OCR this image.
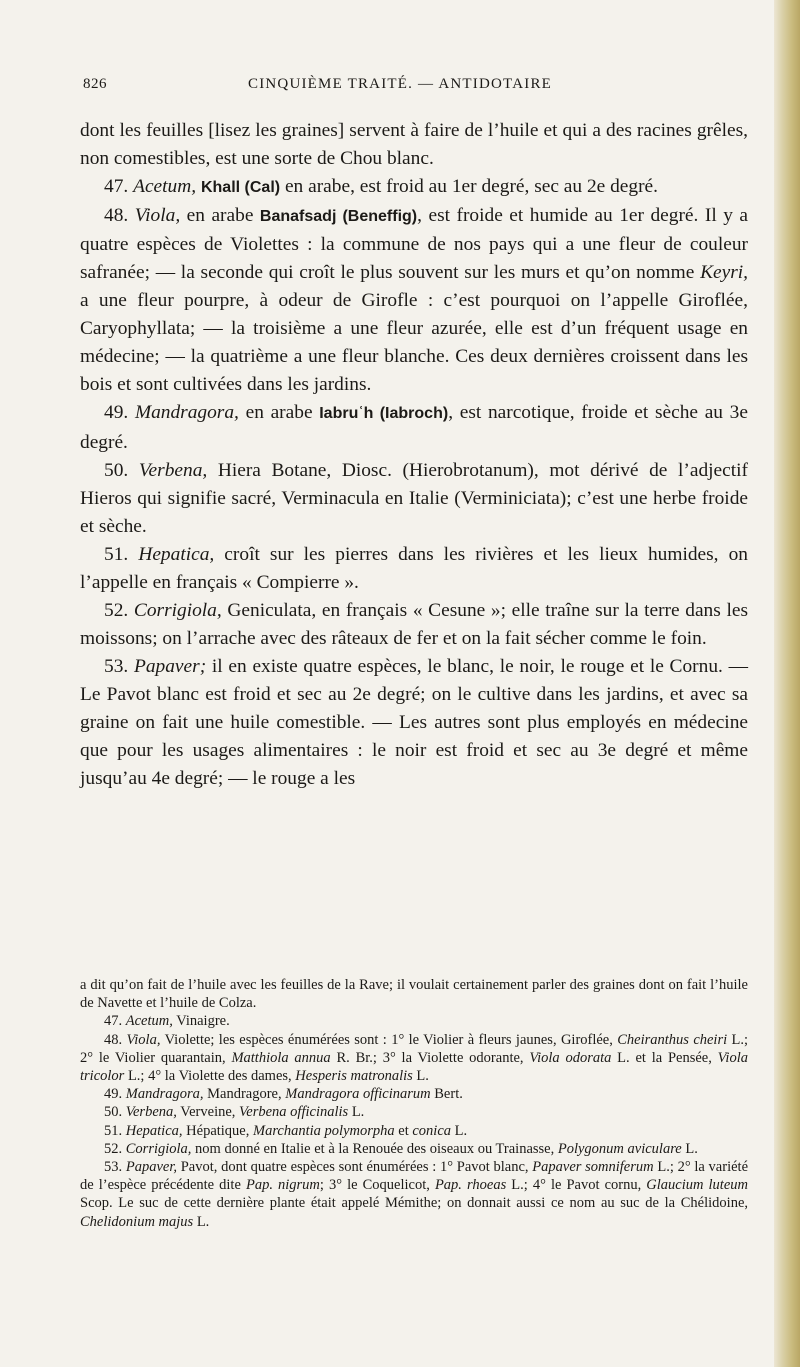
826	CINQUIÈME TRAITÉ. — ANTIDOTAIRE

dont les feuilles [lisez les graines] servent à faire de l’huile et qui a des racines grêles, non comestibles, est une sorte de Chou blanc.

47. Acetum, Khall (Cal) en arabe, est froid au 1er degré, sec au 2e degré.

48. Viola, en arabe Banafsadj (Beneffig), est froide et humide au 1er degré. Il y a quatre espèces de Violettes : la commune de nos pays qui a une fleur de couleur safranée; — la seconde qui croît le plus souvent sur les murs et qu’on nomme Keyri, a une fleur pourpre, à odeur de Girofle : c’est pourquoi on l’appelle Giroflée, Caryophyllata; — la troisième a une fleur azurée, elle est d’un fréquent usage en médecine; — la quatrième a une fleur blanche. Ces deux dernières croissent dans les bois et sont cultivées dans les jardins.

49. Mandragora, en arabe Iabruʿh (Iabroch), est narcotique, froide et sèche au 3e degré.

50. Verbena, Hiera Botane, Diosc. (Hierobrotanum), mot dérivé de l’adjectif Hieros qui signifie sacré, Verminacula en Italie (Verminiciata); c’est une herbe froide et sèche.

51. Hepatica, croît sur les pierres dans les rivières et les lieux humides, on l’appelle en français « Compierre ».

52. Corrigiola, Geniculata, en français « Cesune »; elle traîne sur la terre dans les moissons; on l’arrache avec des râteaux de fer et on la fait sécher comme le foin.

53. Papaver; il en existe quatre espèces, le blanc, le noir, le rouge et le Cornu. — Le Pavot blanc est froid et sec au 2e degré; on le cultive dans les jardins, et avec sa graine on fait une huile comestible. — Les autres sont plus employés en médecine que pour les usages alimentaires : le noir est froid et sec au 3e degré et même jusqu’au 4e degré; — le rouge a les

a dit qu’on fait de l’huile avec les feuilles de la Rave; il voulait certainement parler des graines dont on fait l’huile de Navette et l’huile de Colza.

47. Acetum, Vinaigre.

48. Viola, Violette; les espèces énumérées sont : 1° le Violier à fleurs jaunes, Giroflée, Cheiranthus cheiri L.; 2° le Violier quarantain, Matthiola annua R. Br.; 3° la Violette odorante, Viola odorata L. et la Pensée, Viola tricolor L.; 4° la Violette des dames, Hesperis matronalis L.

49. Mandragora, Mandragore, Mandragora officinarum Bert.

50. Verbena, Verveine, Verbena officinalis L.

51. Hepatica, Hépatique, Marchantia polymorpha et conica L.

52. Corrigiola, nom donné en Italie et à la Renouée des oiseaux ou Trainasse, Polygonum aviculare L.

53. Papaver, Pavot, dont quatre espèces sont énumérées : 1° Pavot blanc, Papaver somniferum L.; 2° la variété de l’espèce précédente dite Pap. nigrum; 3° le Coquelicot, Pap. rhoeas L.; 4° le Pavot cornu, Glaucium luteum Scop. Le suc de cette dernière plante était appelé Mémithe; on donnait aussi ce nom au suc de la Chélidoine, Chelidonium majus L.
